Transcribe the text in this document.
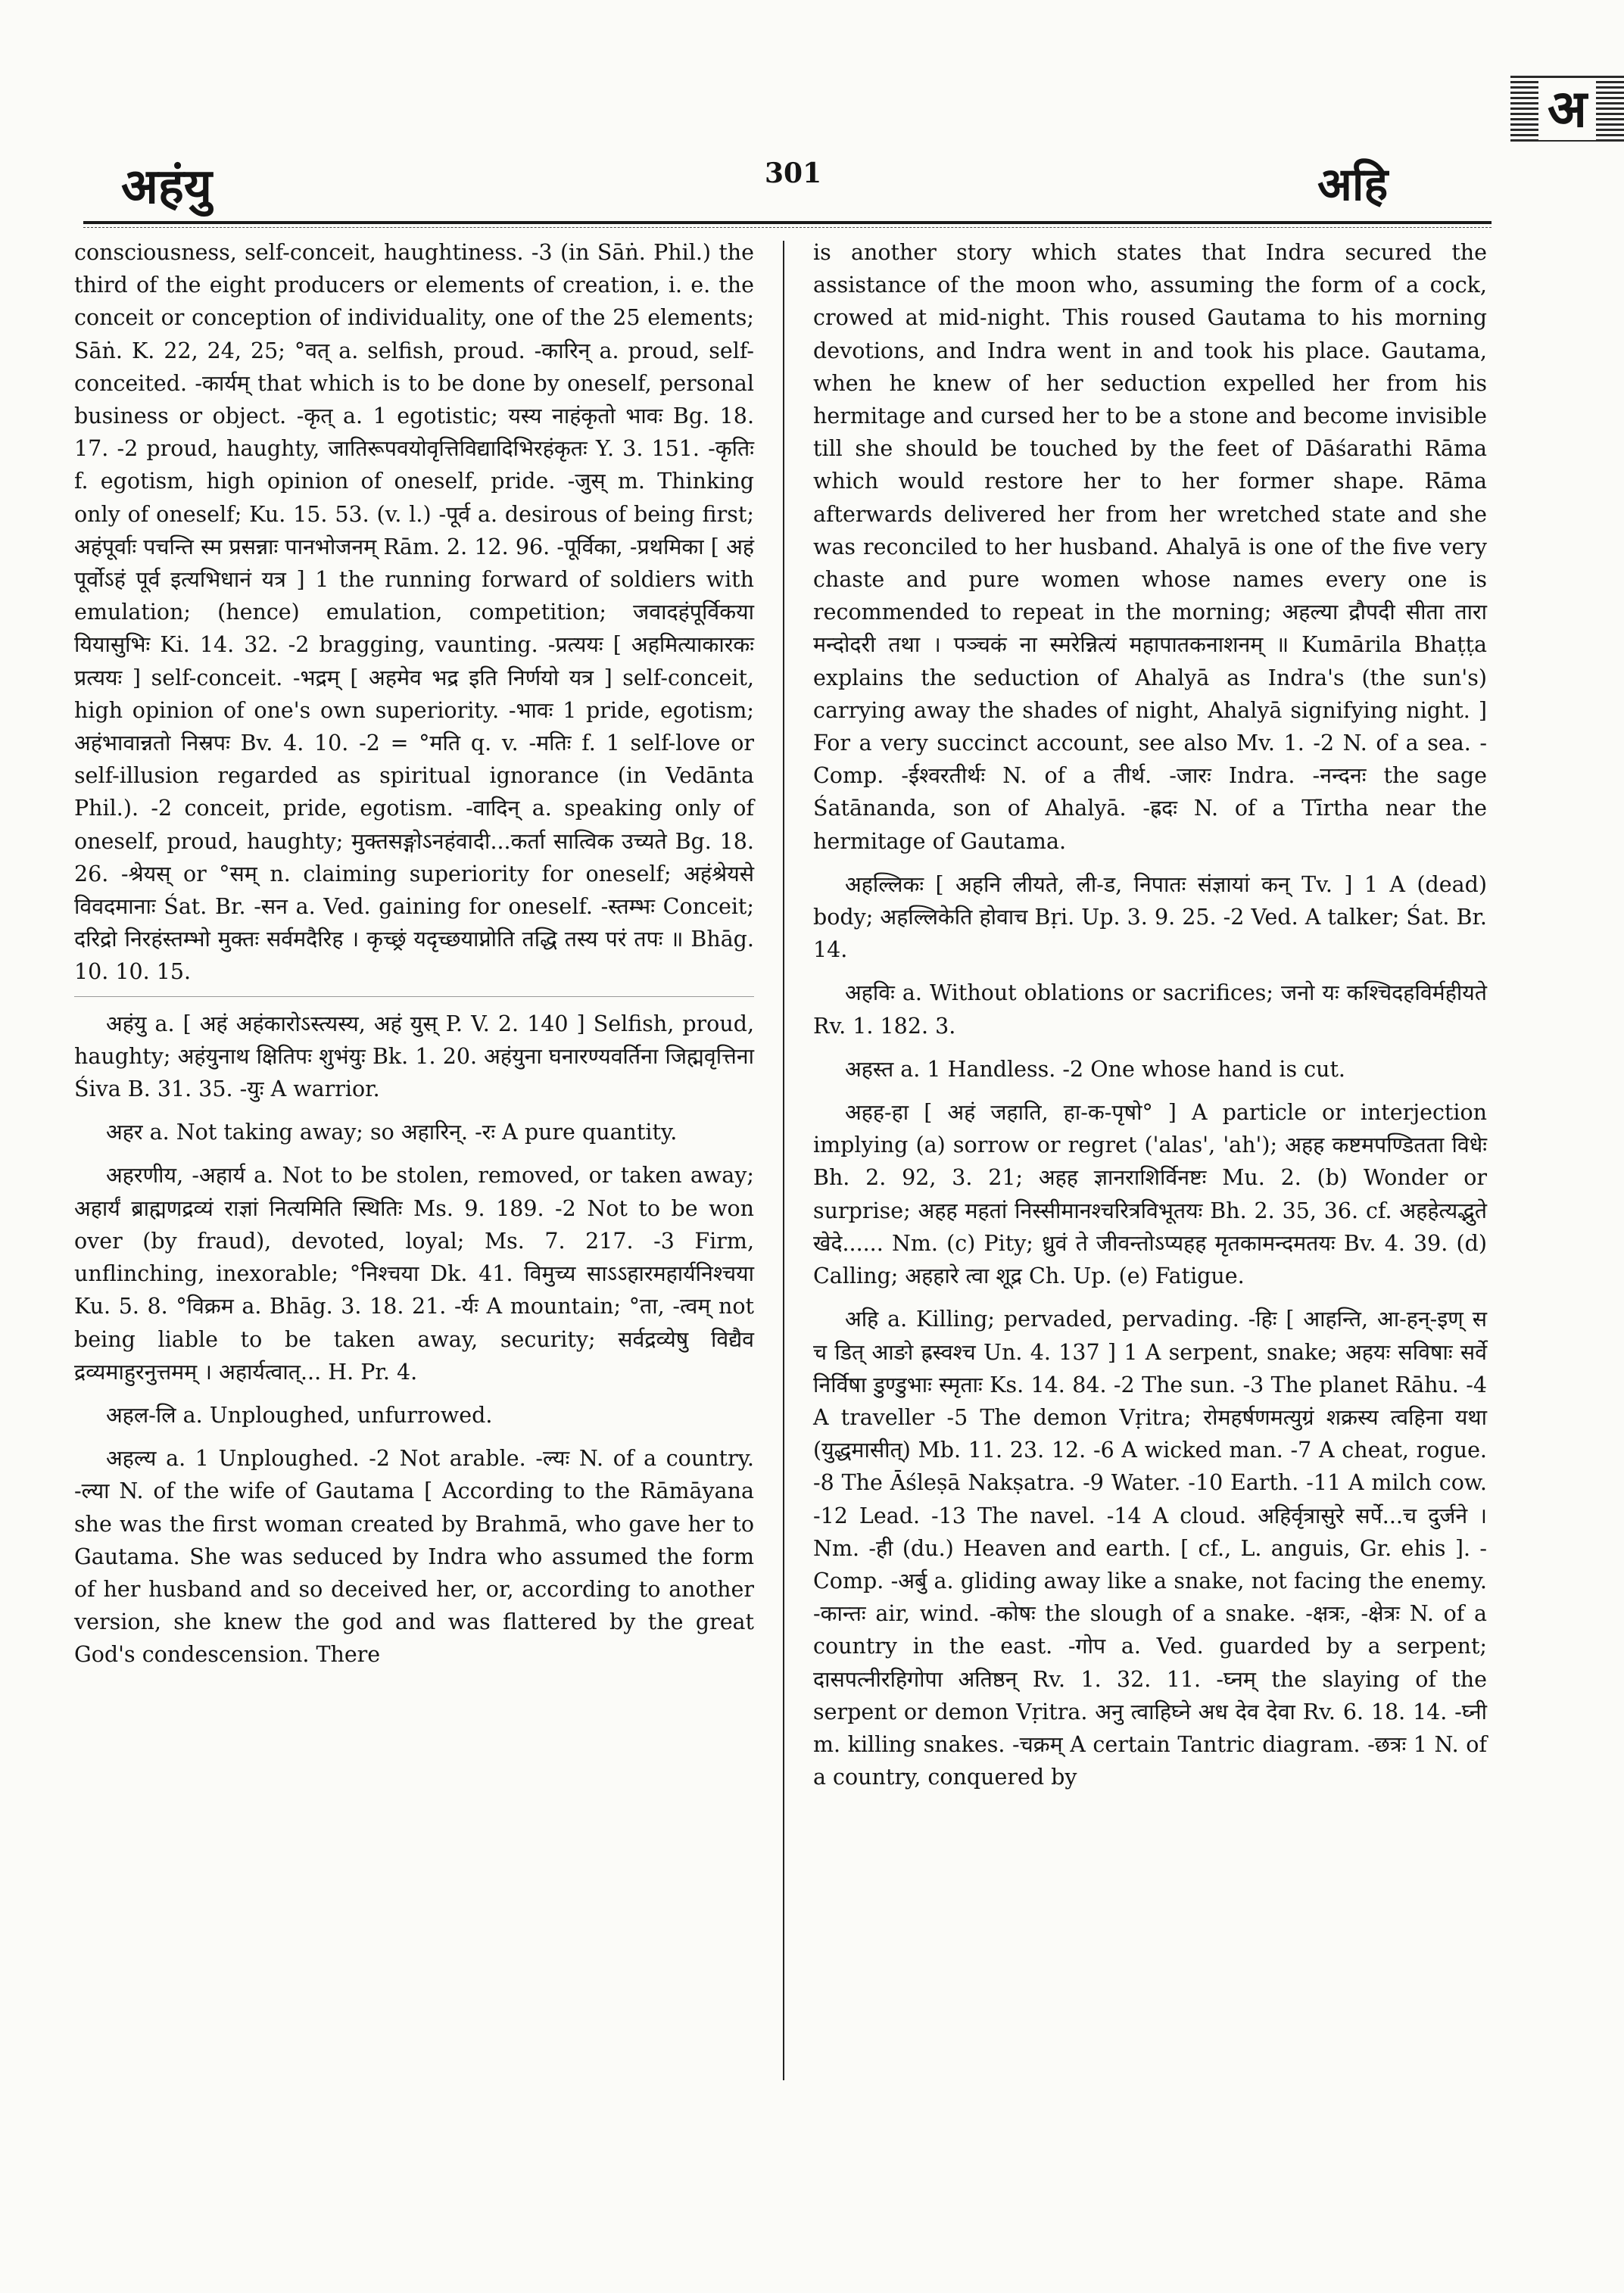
अ
अहंयु	301	अहि

consciousness, self-conceit, haughtiness. -3 (in Sāṅ. Phil.) the third of the eight producers or elements of creation, i. e. the conceit or conception of individuality, one of the 25 elements; Sāṅ. K. 22, 24, 25; °वत् a. selfish, proud. -कारिन् a. proud, self-conceited. -कार्यम् that which is to be done by oneself, personal business or object. -कृत् a. 1 egotistic; यस्य नाहंकृतो भावः Bg. 18. 17. -2 proud, haughty, जातिरूपवयोवृत्तिविद्यादिभिरहंकृतः Y. 3. 151. -कृतिः f. egotism, high opinion of oneself, pride. -जुस् m. Thinking only of oneself; Ku. 15. 53. (v. l.) -पूर्व a. desirous of being first; अहंपूर्वाः पचन्ति स्म प्रसन्नाः पानभोजनम् Rām. 2. 12. 96. -पूर्विका, -प्रथमिका [ अहं पूर्वोऽहं पूर्व इत्यभिधानं यत्र ] 1 the running forward of soldiers with emulation; (hence) emulation, competition; जवादहंपूर्विकया यियासुभिः Ki. 14. 32. -2 bragging, vaunting. -प्रत्ययः [ अहमित्याकारकः प्रत्ययः ] self-conceit. -भद्रम् [ अहमेव भद्र इति निर्णयो यत्र ] self-conceit, high opinion of one's own superiority. -भावः 1 pride, egotism; अहंभावान्नतो निस्रपः Bv. 4. 10. -2 = °मति q. v. -मतिः f. 1 self-love or self-illusion regarded as spiritual ignorance (in Vedānta Phil.). -2 conceit, pride, egotism. -वादिन् a. speaking only of oneself, proud, haughty; मुक्तसङ्गोऽनहंवादी...कर्ता सात्विक उच्यते Bg. 18. 26. -श्रेयस् or °सम् n. claiming superiority for oneself; अहंश्रेयसे विवदमानाः Śat. Br. -सन a. Ved. gaining for oneself. -स्तम्भः Conceit; दरिद्रो निरहंस्तम्भो मुक्तः सर्वमदैरिह । कृच्छ्रं यदृच्छयाप्नोति तद्धि तस्य परं तपः ॥ Bhāg. 10. 10. 15.

अहंयु a. [ अहं अहंकारोऽस्त्यस्य, अहं युस् P. V. 2. 140 ] Selfish, proud, haughty; अहंयुनाथ क्षितिपः शुभंयुः Bk. 1. 20. अहंयुना घनारण्यवर्तिना जिह्मवृत्तिना Śiva B. 31. 35. -युः A warrior.

अहर a. Not taking away; so अहारिन्. -रः A pure quantity.

अहरणीय, -अहार्य a. Not to be stolen, removed, or taken away; अहार्यं ब्राह्मणद्रव्यं राज्ञां नित्यमिति स्थितिः Ms. 9. 189. -2 Not to be won over (by fraud), devoted, loyal; Ms. 7. 217. -3 Firm, unflinching, inexorable; °निश्चया Dk. 41. विमुच्य साऽऽहारमहार्यनिश्चया Ku. 5. 8. °विक्रम a. Bhāg. 3. 18. 21. -र्यः A mountain; °ता, -त्वम् not being liable to be taken away, security; सर्वद्रव्येषु विद्यैव द्रव्यमाहुरनुत्तमम् । अहार्यत्वात्... H. Pr. 4.

अहल-लि a. Unploughed, unfurrowed.

अहल्य a. 1 Unploughed. -2 Not arable. -ल्यः N. of a country. -ल्या N. of the wife of Gautama [ According to the Rāmāyana she was the first woman created by Brahmā, who gave her to Gautama. She was seduced by Indra who assumed the form of her husband and so deceived her, or, according to another version, she knew the god and was flattered by the great God's condescension. There

is another story which states that Indra secured the assistance of the moon who, assuming the form of a cock, crowed at mid-night. This roused Gautama to his morning devotions, and Indra went in and took his place. Gautama, when he knew of her seduction expelled her from his hermitage and cursed her to be a stone and become invisible till she should be touched by the feet of Dāśarathi Rāma which would restore her to her former shape. Rāma afterwards delivered her from her wretched state and she was reconciled to her husband. Ahalyā is one of the five very chaste and pure women whose names every one is recommended to repeat in the morning; अहल्या द्रौपदी सीता तारा मन्दोदरी तथा । पञ्चकं ना स्मरेन्नित्यं महापातकनाशनम् ॥ Kumārila Bhaṭṭa explains the seduction of Ahalyā as Indra's (the sun's) carrying away the shades of night, Ahalyā signifying night. ] For a very succinct account, see also Mv. 1. -2 N. of a sea. -Comp. -ईश्वरतीर्थः N. of a तीर्थ. -जारः Indra. -नन्दनः the sage Śatānanda, son of Ahalyā. -ह्रदः N. of a Tīrtha near the hermitage of Gautama.

अहल्लिकः [ अहनि लीयते, ली-ड, निपातः संज्ञायां कन् Tv. ] 1 A (dead) body; अहल्लिकेति होवाच Bṛi. Up. 3. 9. 25. -2 Ved. A talker; Śat. Br. 14.

अहविः a. Without oblations or sacrifices; जनो यः कश्चिदहविर्महीयते Rv. 1. 182. 3.

अहस्त a. 1 Handless. -2 One whose hand is cut.

अहह-हा [ अहं जहाति, हा-क-पृषो° ] A particle or interjection implying (a) sorrow or regret ('alas', 'ah'); अहह कष्टमपण्डितता विधेः Bh. 2. 92, 3. 21; अहह ज्ञानराशिर्विनष्टः Mu. 2. (b) Wonder or surprise; अहह महतां निस्सीमानश्चरित्रविभूतयः Bh. 2. 35, 36. cf. अहहेत्यद्भुते खेदे...... Nm. (c) Pity; ध्रुवं ते जीवन्तोऽप्यहह मृतकामन्दमतयः Bv. 4. 39. (d) Calling; अहहारे त्वा शूद्र Ch. Up. (e) Fatigue.

अहि a. Killing; pervaded, pervading. -हिः [ आहन्ति, आ-हन्-इण् स च डित् आङो ह्रस्वश्च Un. 4. 137 ] 1 A serpent, snake; अहयः सविषाः सर्वे निर्विषा डुण्डुभाः स्मृताः Ks. 14. 84. -2 The sun. -3 The planet Rāhu. -4 A traveller -5 The demon Vṛitra; रोमहर्षणमत्युग्रं शक्रस्य त्वहिना यथा (युद्धमासीत्) Mb. 11. 23. 12. -6 A wicked man. -7 A cheat, rogue. -8 The Āśleṣā Nakṣatra. -9 Water. -10 Earth. -11 A milch cow. -12 Lead. -13 The navel. -14 A cloud. अहिर्वृत्रासुरे सर्पे...च दुर्जने । Nm. -ही (du.) Heaven and earth. [ cf., L. anguis, Gr. ehis ]. -Comp. -अर्बु a. gliding away like a snake, not facing the enemy. -कान्तः air, wind. -कोषः the slough of a snake. -क्षत्रः, -क्षेत्रः N. of a country in the east. -गोप a. Ved. guarded by a serpent; दासपत्नीरहिगोपा अतिष्ठन् Rv. 1. 32. 11. -घ्नम् the slaying of the serpent or demon Vṛitra. अनु त्वाहिघ्ने अध देव देवा Rv. 6. 18. 14. -घ्नी m. killing snakes. -चक्रम् A certain Tantric diagram. -छत्रः 1 N. of a country, conquered by
